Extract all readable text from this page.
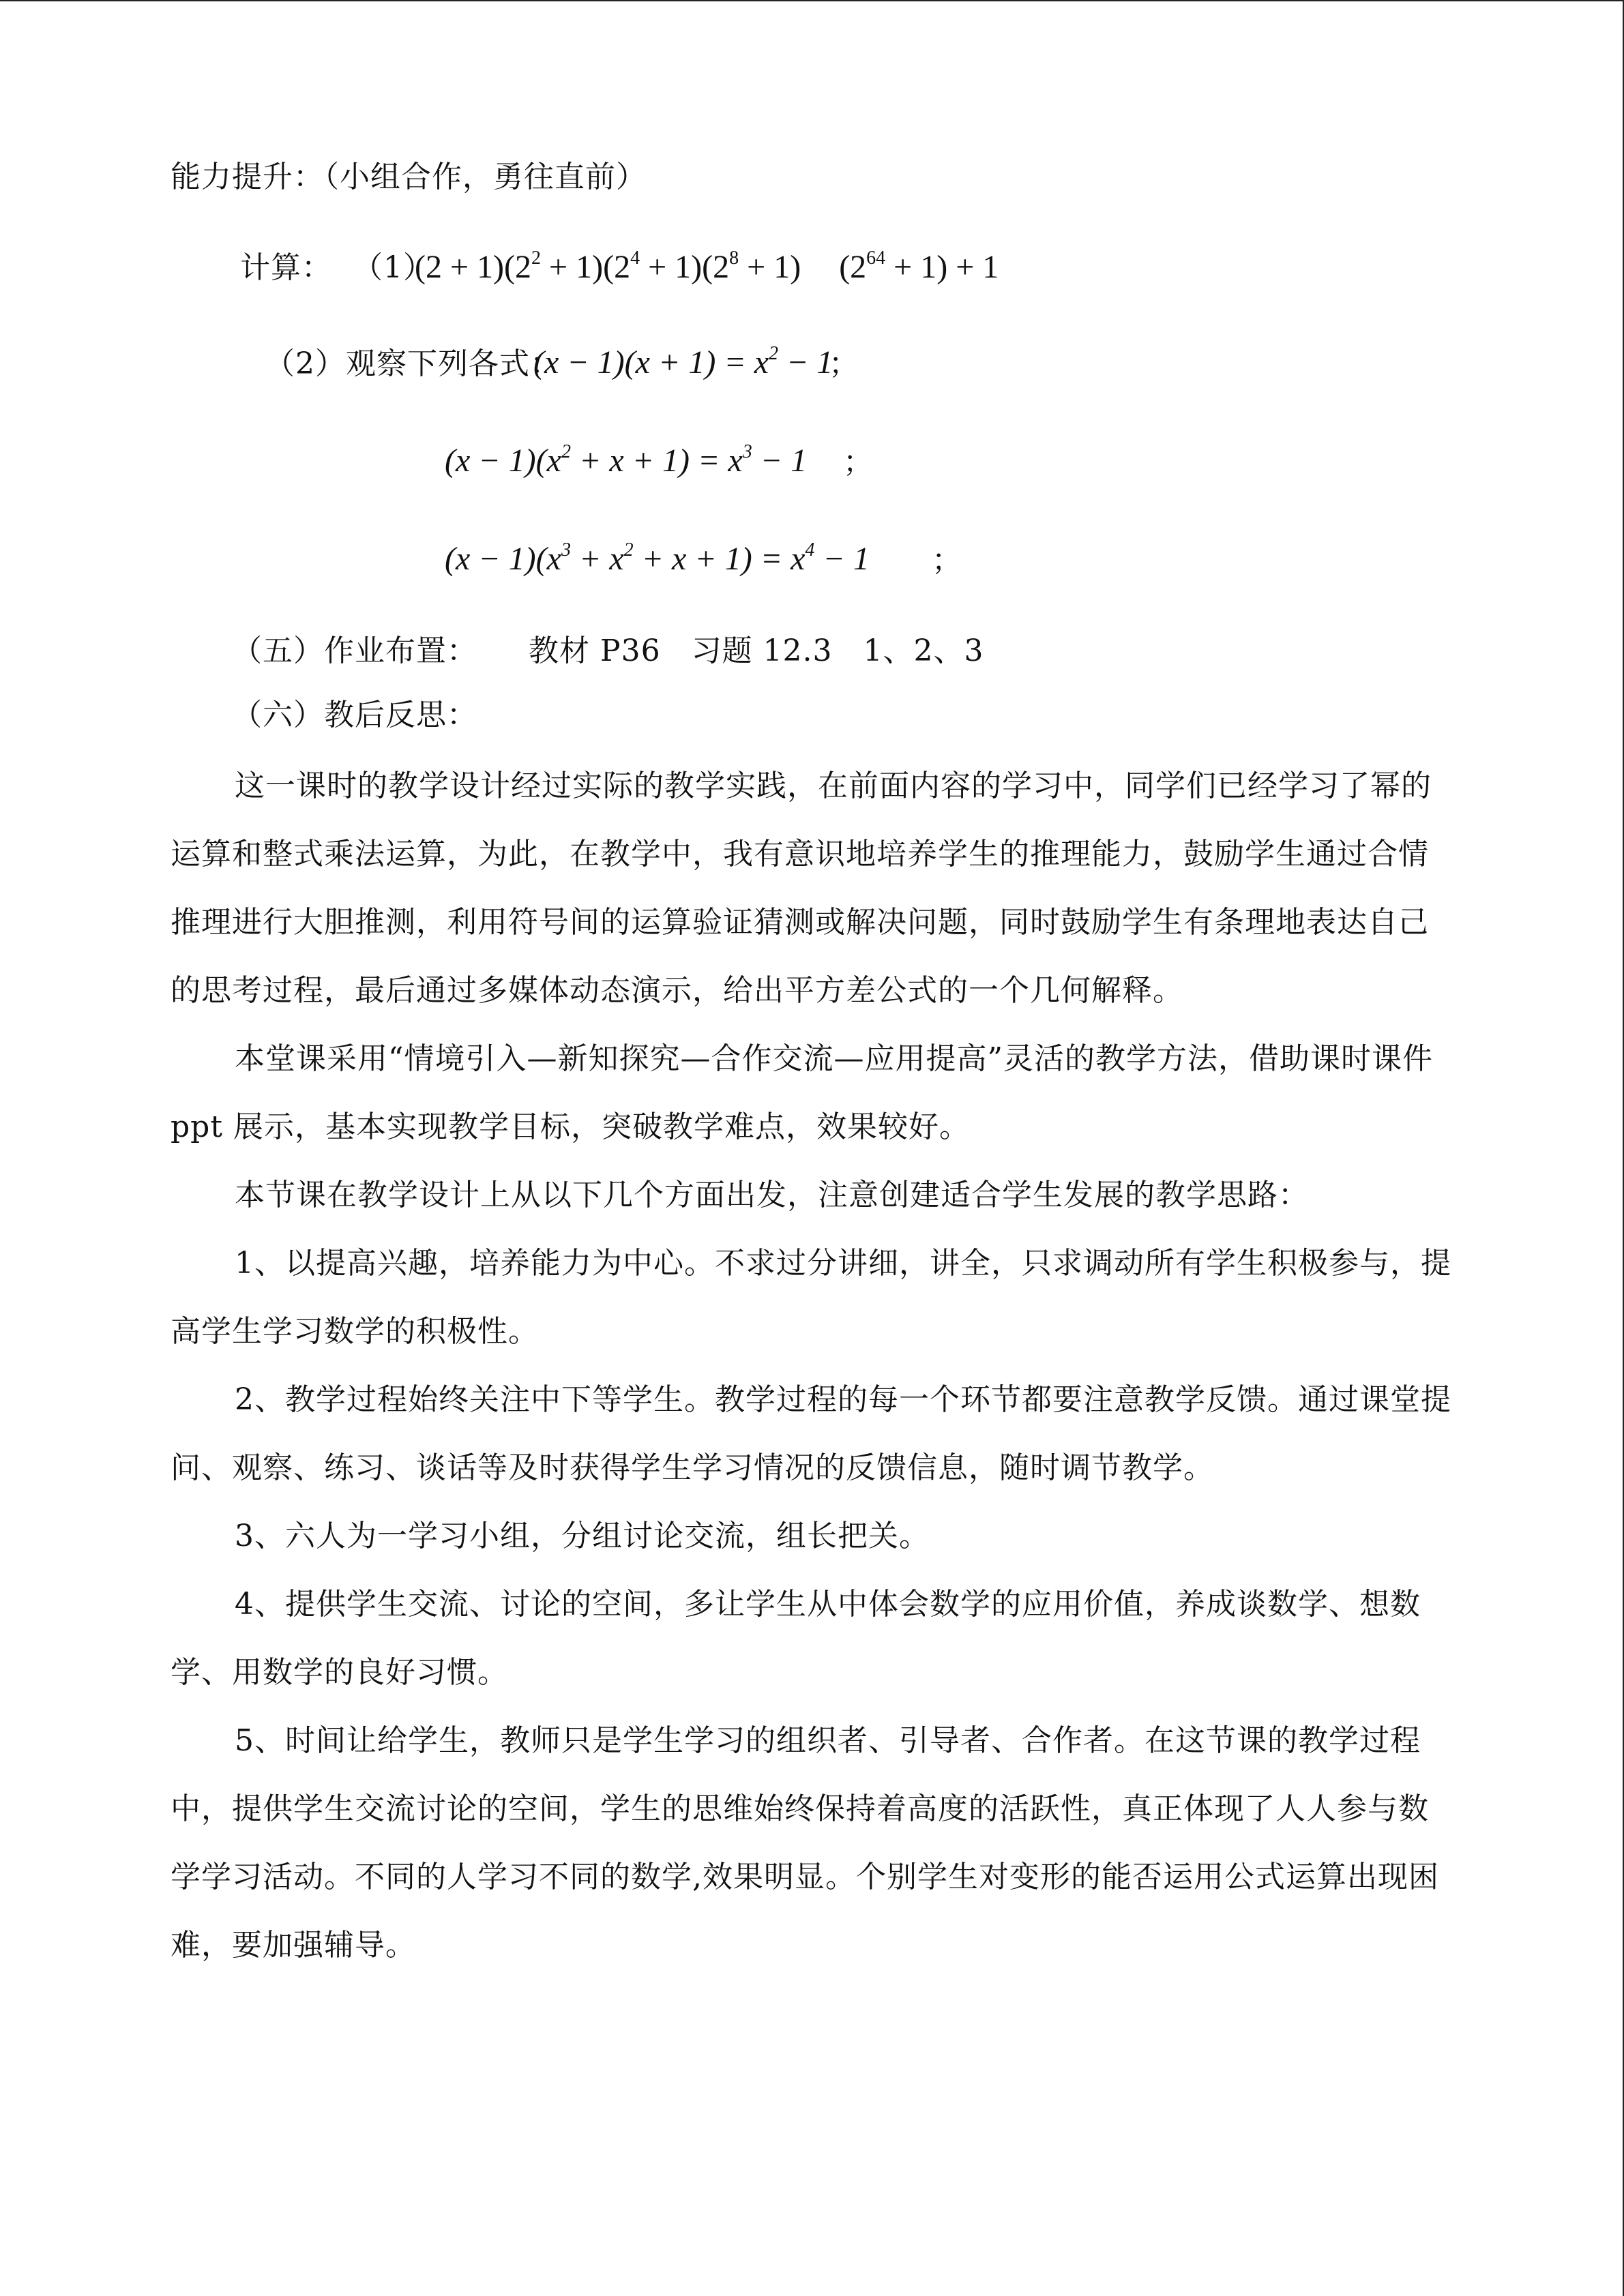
能力提升：（小组合作，勇往直前）
计算： （1）
$(2 + 1)(2^2 + 1)(2^4 + 1)(2^8 + 1)$ $(2^{64} + 1) + 1$
（2）观察下列各式：
$(x - 1)(x + 1) = x^2 - 1$
；
$(x - 1)(x^2 + x + 1) = x^3 - 1$ ；
$(x - 1)(x^3 + x^2 + x + 1) = x^4 - 1$ ；
（五）作业布置： 教材 P36　习题 12.3　1、2、3
（六）教后反思：
这一课时的教学设计经过实际的教学实践，在前面内容的学习中，同学们已经学习了幂的运算和整式乘法运算，为此，在教学中，我有意识地培养学生的推理能力，鼓励学生通过合情推理进行大胆推测，利用符号间的运算验证猜测或解决问题，同时鼓励学生有条理地表达自己的思考过程，最后通过多媒体动态演示，给出平方差公式的一个几何解释。
本堂课采用“情境引入—新知探究—合作交流—应用提高”灵活的教学方法，借助课时课件 ppt 展示，基本实现教学目标，突破教学难点，效果较好。
本节课在教学设计上从以下几个方面出发，注意创建适合学生发展的教学思路：
1、以提高兴趣，培养能力为中心。不求过分讲细，讲全，只求调动所有学生积极参与，提高学生学习数学的积极性。
2、教学过程始终关注中下等学生。教学过程的每一个环节都要注意教学反馈。通过课堂提问、观察、练习、谈话等及时获得学生学习情况的反馈信息，随时调节教学。
3、六人为一学习小组，分组讨论交流，组长把关。
4、提供学生交流、讨论的空间，多让学生从中体会数学的应用价值，养成谈数学、想数学、用数学的良好习惯。
5、时间让给学生，教师只是学生学习的组织者、引导者、合作者。在这节课的教学过程中，提供学生交流讨论的空间，学生的思维始终保持着高度的活跃性，真正体现了人人参与数学学习活动。不同的人学习不同的数学,效果明显。个别学生对变形的能否运用公式运算出现困难，要加强辅导。
